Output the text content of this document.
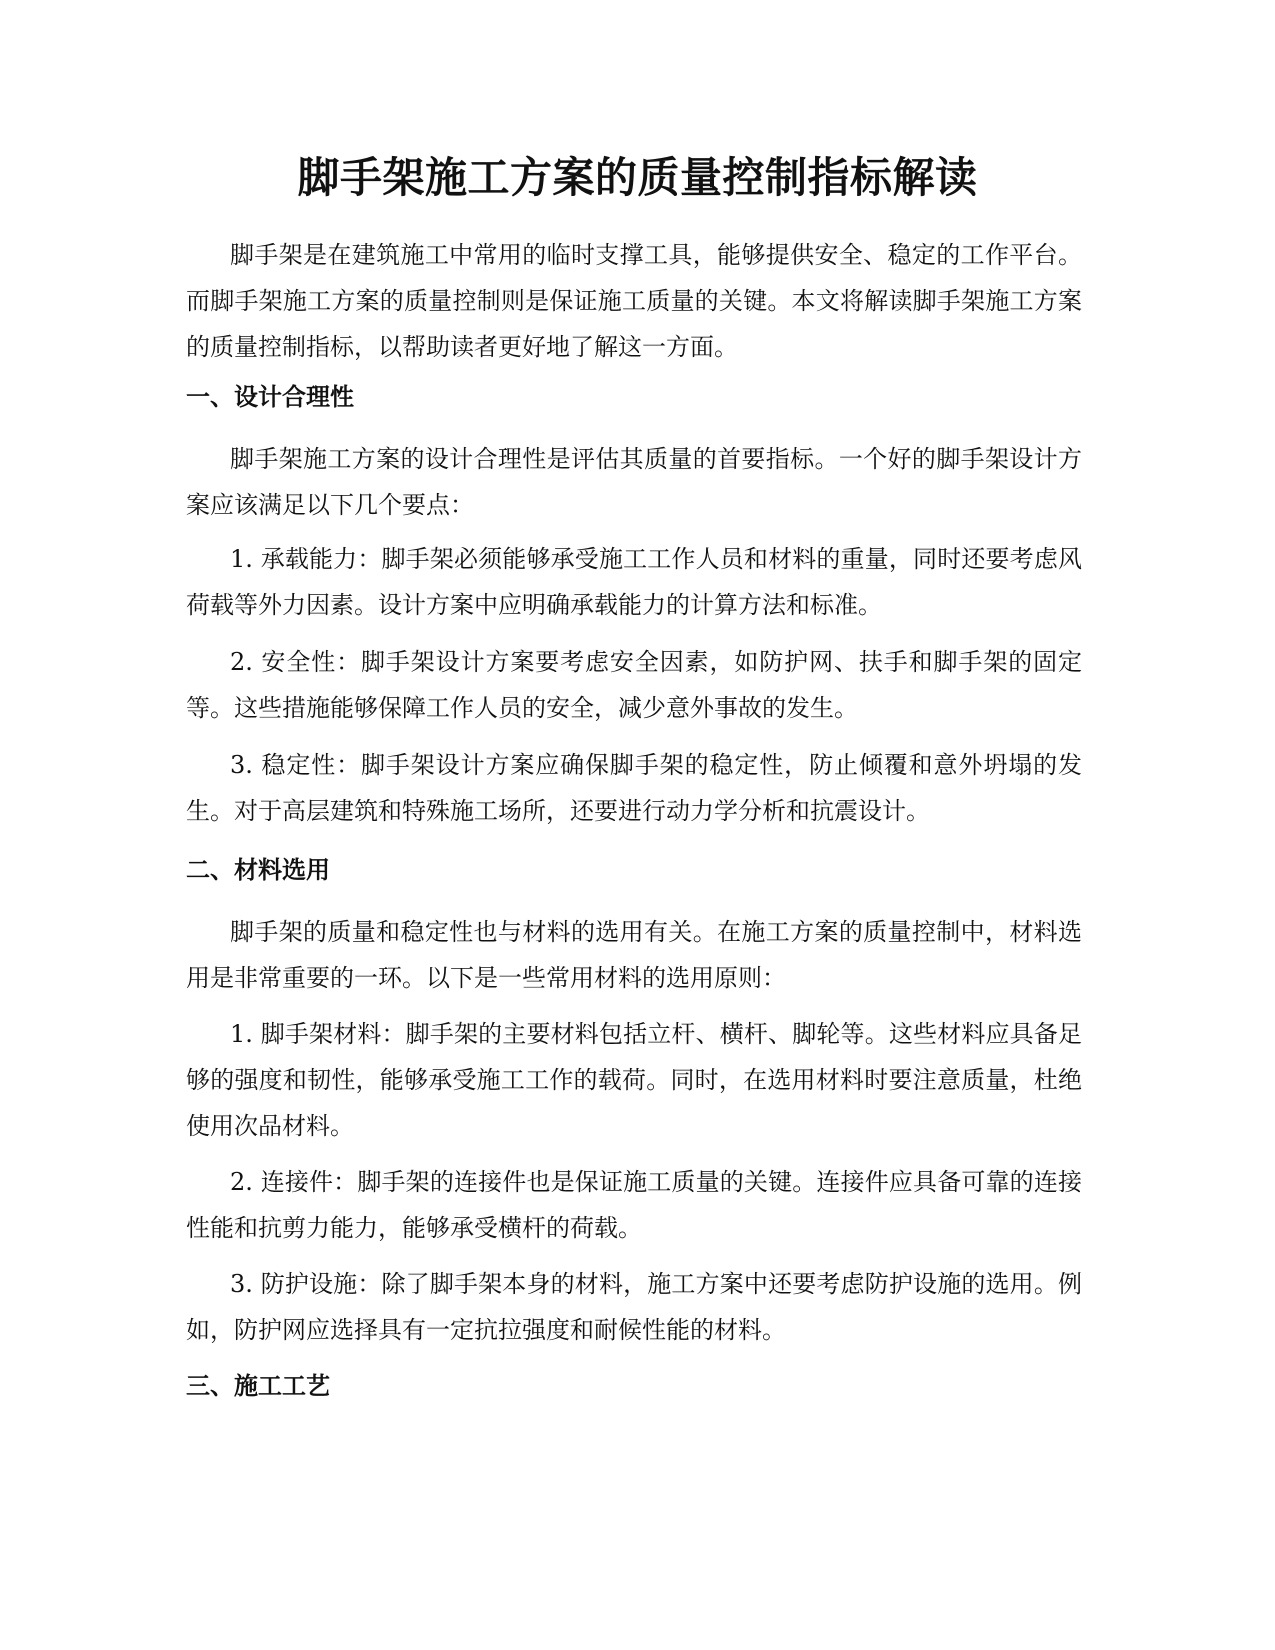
脚手架施工方案的质量控制指标解读

脚手架是在建筑施工中常用的临时支撑工具，能够提供安全、稳定的工作平台。而脚手架施工方案的质量控制则是保证施工质量的关键。本文将解读脚手架施工方案的质量控制指标，以帮助读者更好地了解这一方面。

一、设计合理性

脚手架施工方案的设计合理性是评估其质量的首要指标。一个好的脚手架设计方案应该满足以下几个要点：

1. 承载能力：脚手架必须能够承受施工工作人员和材料的重量，同时还要考虑风荷载等外力因素。设计方案中应明确承载能力的计算方法和标准。

2. 安全性：脚手架设计方案要考虑安全因素，如防护网、扶手和脚手架的固定等。这些措施能够保障工作人员的安全，减少意外事故的发生。

3. 稳定性：脚手架设计方案应确保脚手架的稳定性，防止倾覆和意外坍塌的发生。对于高层建筑和特殊施工场所，还要进行动力学分析和抗震设计。

二、材料选用

脚手架的质量和稳定性也与材料的选用有关。在施工方案的质量控制中，材料选用是非常重要的一环。以下是一些常用材料的选用原则：

1. 脚手架材料：脚手架的主要材料包括立杆、横杆、脚轮等。这些材料应具备足够的强度和韧性，能够承受施工工作的载荷。同时，在选用材料时要注意质量，杜绝使用次品材料。

2. 连接件：脚手架的连接件也是保证施工质量的关键。连接件应具备可靠的连接性能和抗剪力能力，能够承受横杆的荷载。

3. 防护设施：除了脚手架本身的材料，施工方案中还要考虑防护设施的选用。例如，防护网应选择具有一定抗拉强度和耐候性能的材料。

三、施工工艺
